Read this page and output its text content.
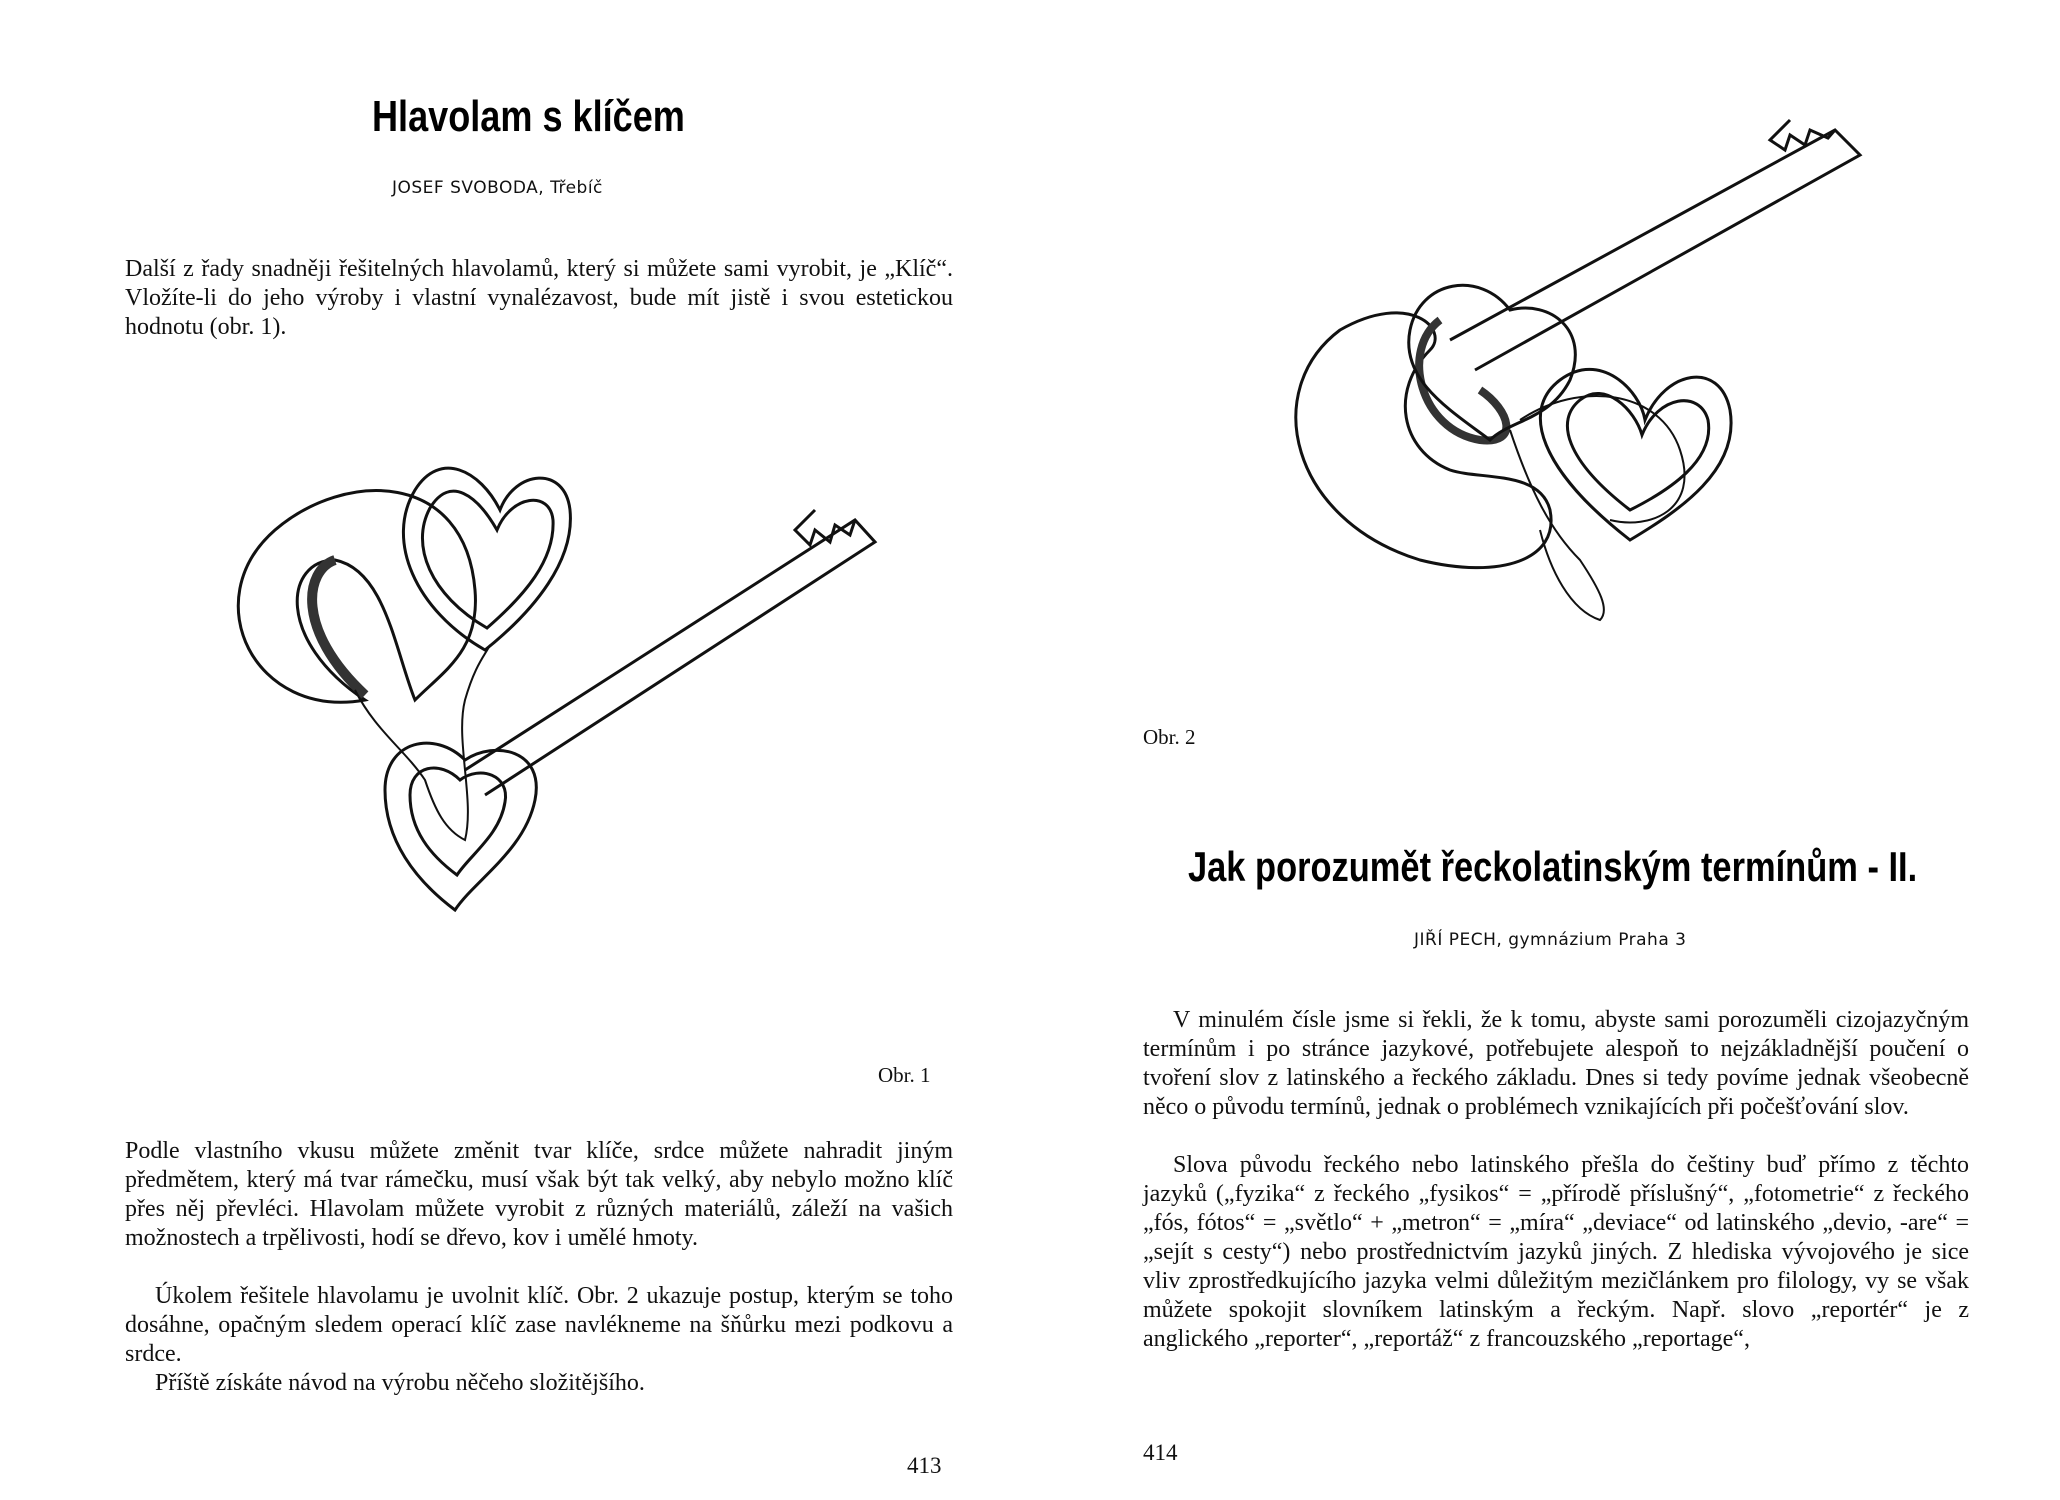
Hlavolam s klíčem

JOSEF SVOBODA, Třebíč

Další z řady snadněji řešitelných hlavolamů, který si můžete sami vyrobit, je „Klíč“. Vložíte-li do jeho výroby i vlastní vynalézavost, bude mít jistě i svou estetickou hodnotu (obr. 1).

Obr. 1

Podle vlastního vkusu můžete změnit tvar klíče, srdce můžete nahradit jiným předmětem, který má tvar rámečku, musí však být tak velký, aby nebylo možno klíč přes něj převléci. Hlavolam můžete vyrobit z různých materiálů, záleží na vašich možnostech a trpělivosti, hodí se dřevo, kov i umělé hmoty.

Úkolem řešitele hlavolamu je uvolnit klíč. Obr. 2 ukazuje postup, kterým se toho dosáhne, opačným sledem operací klíč zase navlékneme na šňůrku mezi podkovu a srdce.

Příště získáte návod na výrobu něčeho složitějšího.

413

Obr. 2

Jak porozumět řeckolatinským termínům - II.

JIŘÍ PECH, gymnázium Praha 3

V minulém čísle jsme si řekli, že k tomu, abyste sami porozuměli cizojazyčným termínům i po stránce jazykové, potřebujete alespoň to nejzákladnější poučení o tvoření slov z latinského a řeckého základu. Dnes si tedy povíme jednak všeobecně něco o původu termínů, jednak o problémech vznikajících při počešťování slov.

Slova původu řeckého nebo latinského přešla do češtiny buď přímo z těchto jazyků („fyzika“ z řeckého „fysikos“ = „přírodě příslušný“, „fotometrie“ z řeckého „fós, fótos“ = „světlo“ + „metron“ = „míra“ „deviace“ od latinského „devio, -are“ = „sejít s cesty“) nebo prostřednictvím jazyků jiných. Z hlediska vývojového je sice vliv zprostředkujícího jazyka velmi důležitým mezičlánkem pro filology, vy se však můžete spokojit slovníkem latinským a řeckým. Např. slovo „reportér“ je z anglického „reporter“, „reportáž“ z francouzského „reportage“,

414
